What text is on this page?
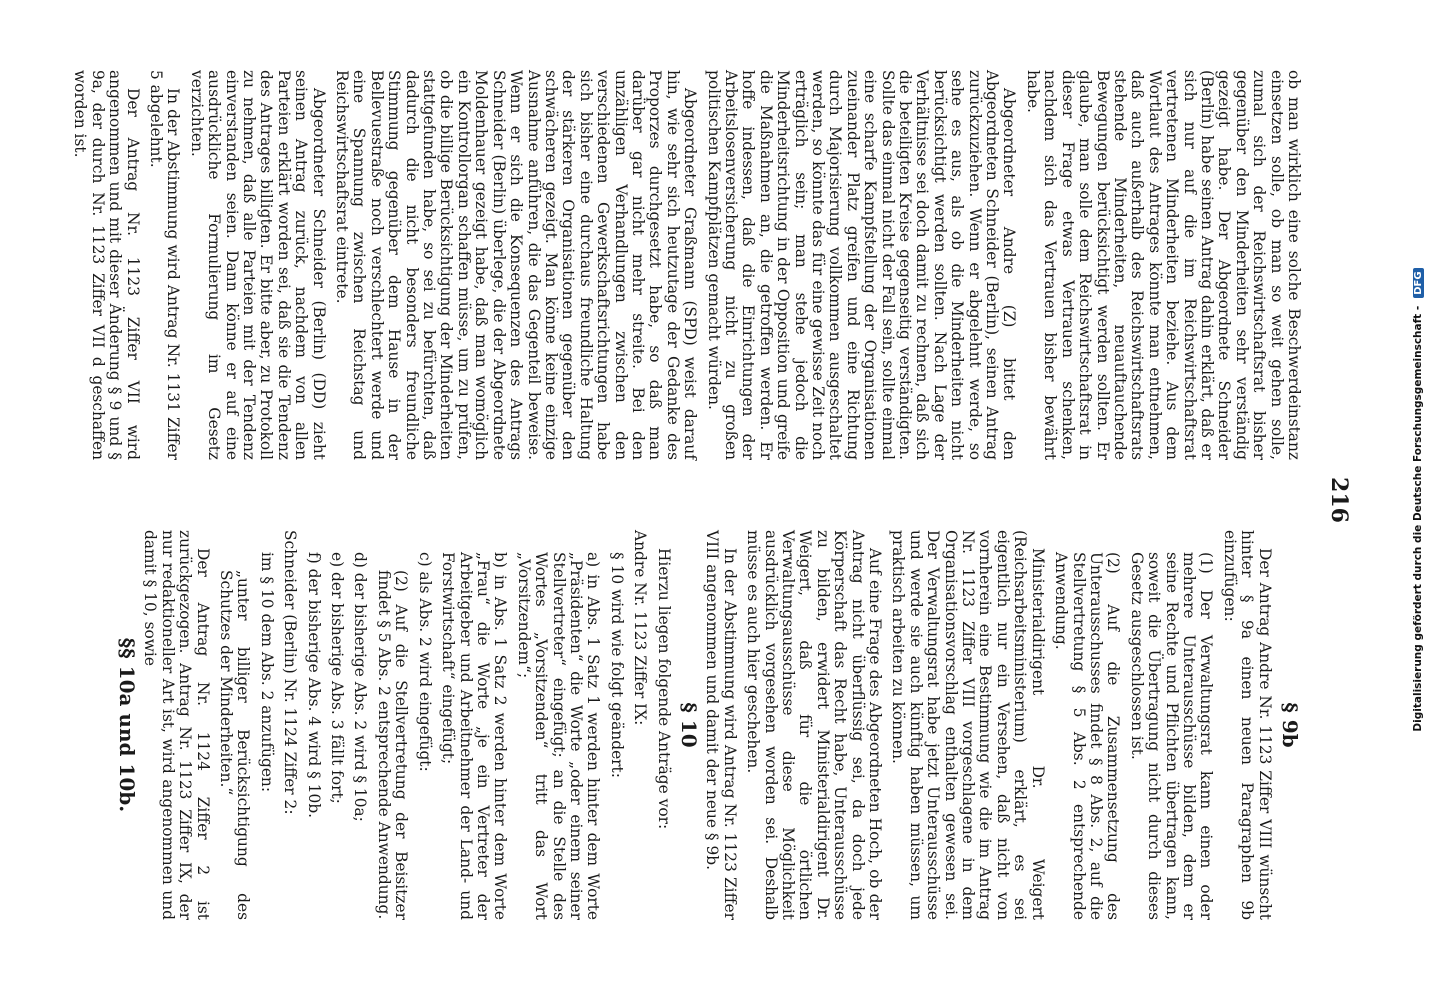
216

ob man wirklich eine solche Beschwerdeinstanz einsetzen solle, ob man so weit gehen solle, zumal sich der Reichswirtschaftsrat bisher gegenüber den Minderheiten sehr verständig gezeigt habe. Der Abgeordnete Schneider (Berlin) habe seinen Antrag dahin erklärt, daß er sich nur auf die im Reichswirtschaftsrat vertretenen Minderheiten beziehe. Aus dem Wortlaut des Antrages könnte man entnehmen, daß auch außerhalb des Reichswirtschaftsrats stehende Minderheiten, neuauftauchende Bewegungen berücksichtigt werden sollten. Er glaube, man solle dem Reichswirtschaftsrat in dieser Frage etwas Vertrauen schenken, nachdem sich das Vertrauen bisher bewährt habe.

Abgeordneter Andre (Z) bittet den Abgeordneten Schneider (Berlin), seinen Antrag zurückzuziehen. Wenn er abgelehnt werde, so sehe es aus, als ob die Minderheiten nicht berücksichtigt werden sollten. Nach Lage der Verhältnisse sei doch damit zu rechnen, daß sich die beteiligten Kreise gegenseitig verständigten. Sollte das einmal nicht der Fall sein, sollte einmal eine scharfe Kampfstellung der Organisationen zueinander Platz greifen und eine Richtung durch Majorisierung vollkommen ausgeschaltet werden, so könnte das für eine gewisse Zeit noch erträglich sein; man stehe jedoch die Minderheitsrichtung in der Opposition und greife die Maßnahmen an, die getroffen werden. Er hoffe indessen, daß die Einrichtungen der Arbeitslosenversicherung nicht zu großen politischen Kampfplätzen gemacht würden.

Abgeordneter Graßmann (SPD) weist darauf hin, wie sehr sich heutzutage der Gedanke des Proporzes durchgesetzt habe, so daß man darüber gar nicht mehr streite. Bei den unzähligen Verhandlungen zwischen den verschiedenen Gewerkschaftsrichtungen habe sich bisher eine durchaus freundliche Haltung der stärkeren Organisationen gegenüber den schwächeren gezeigt. Man könne keine einzige Ausnahme anführen, die das Gegenteil beweise. Wenn er sich die Konsequenzen des Antrags Schneider (Berlin) überlege, die der Abgeordnete Moldenhauer gezeigt habe, daß man womöglich ein Kontrollorgan schaffen müsse, um zu prüfen, ob die billige Berücksichtigung der Minderheiten stattgefunden habe, so sei zu befürchten, daß dadurch die nicht besonders freundliche Stimmung gegenüber dem Hause in der Bellevuestraße noch verschlechtert werde und eine Spannung zwischen Reichstag und Reichswirtschaftsrat eintrete.

Abgeordneter Schneider (Berlin) (DD) zieht seinen Antrag zurück, nachdem von allen Parteien erklärt worden sei, daß sie die Tendenz des Antrages billigten. Er bitte aber, zu Protokoll zu nehmen, daß alle Parteien mit der Tendenz einverstanden seien. Dann könne er auf eine ausdrückliche Formulierung im Gesetz verzichten.

In der Abstimmung wird Antrag Nr. 1131 Ziffer 5 abgelehnt.

Der Antrag Nr. 1123 Ziffer VII wird angenommen und mit dieser Änderung § 9 und § 9a, der durch Nr. 1123 Ziffer VII d geschaffen worden ist.

§ 9b

Der Antrag Andre Nr. 1123 Ziffer VIII wünscht hinter § 9a einen neuen Paragraphen 9b einzufügen:

(1) Der Verwaltungsrat kann einen oder mehrere Unterausschüsse bilden, dem er seine Rechte und Pflichten übertragen kann, soweit die Übertragung nicht durch dieses Gesetz ausgeschlossen ist.

(2) Auf die Zusammensetzung des Unterausschusses findet § 8 Abs. 2, auf die Stellvertretung § 5 Abs. 2 entsprechende Anwendung.

Ministerialdirigent Dr. Weigert (Reichsarbeitsministerium) erklärt, es sei eigentlich nur ein Versehen, daß nicht von vornherein eine Bestimmung wie die im Antrag Nr. 1123 Ziffer VIII vorgeschlagene in dem Organisationsvorschlag enthalten gewesen sei. Der Verwaltungsrat habe jetzt Unterausschüsse und werde sie auch künftig haben müssen, um praktisch arbeiten zu können.

Auf eine Frage des Abgeordneten Hoch, ob der Antrag nicht überflüssig sei, da doch jede Körperschaft das Recht habe, Unterausschüsse zu bilden, erwidert Ministerialdirigent Dr. Weigert, daß für die örtlichen Verwaltungsausschüsse diese Möglichkeit ausdrücklich vorgesehen worden sei. Deshalb müsse es auch hier geschehen.

In der Abstimmung wird Antrag Nr. 1123 Ziffer VIII angenommen und damit der neue § 9b.

§ 10

Hierzu liegen folgende Anträge vor:

Andre Nr. 1123 Ziffer IX:

§ 10 wird wie folgt geändert:

a) in Abs. 1 Satz 1 werden hinter dem Worte „Präsidenten“ die Worte „oder einem seiner Stellvertreter“ eingefügt; an die Stelle des Wortes „Vorsitzenden“ tritt das Wort „Vorsitzendem“;

b) in Abs. 1 Satz 2 werden hinter dem Worte „Frau“ die Worte „je ein Vertreter der Arbeitgeber und Arbeitnehmer der Land- und Forstwirtschaft“ eingefügt;

c) als Abs. 2 wird eingefügt:

(2) Auf die Stellvertretung der Beisitzer findet § 5 Abs. 2 entsprechende Anwendung.

d) der bisherige Abs. 2 wird § 10a;

e) der bisherige Abs. 3 fällt fort;

f) der bisherige Abs. 4 wird § 10b.

Schneider (Berlin) Nr. 1124 Ziffer 2:

im § 10 dem Abs. 2 anzufügen:

„unter billiger Berücksichtigung des Schutzes der Minderheiten.“

Der Antrag Nr. 1124 Ziffer 2 ist zurückgezogen. Antrag Nr. 1123 Ziffer IX, der nur redaktioneller Art ist, wird angenommen und damit § 10, sowie

§§ 10a und 10b.	Digitalisierung gefördert durch die Deutsche Forschungsgemeinschaft -
DFG
